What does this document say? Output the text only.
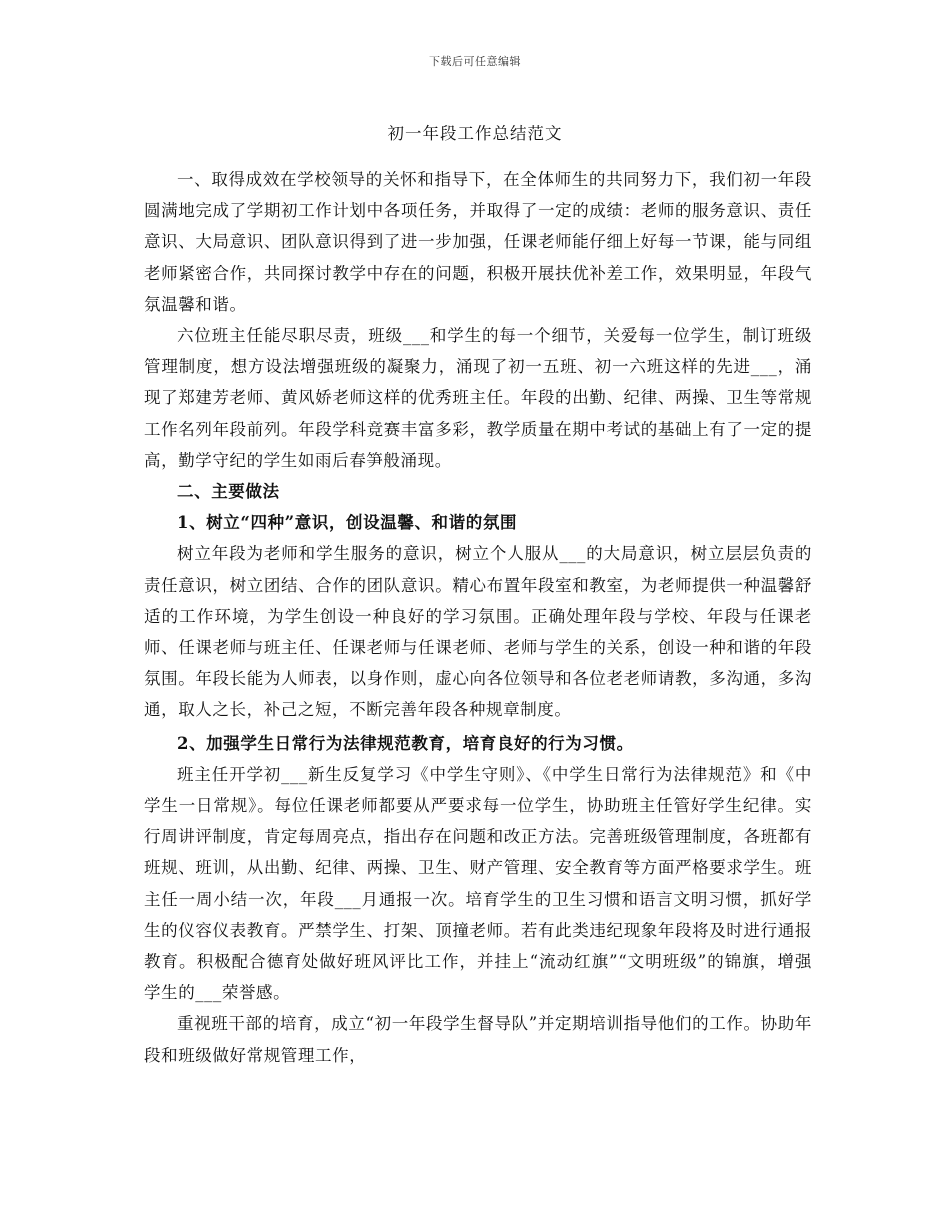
下载后可任意编辑
初一年段工作总结范文

一、取得成效在学校领导的关怀和指导下，在全体师生的共同努力下，我们初一年段圆满地完成了学期初工作计划中各项任务，并取得了一定的成绩：老师的服务意识、责任意识、大局意识、团队意识得到了进一步加强，任课老师能仔细上好每一节课，能与同组老师紧密合作，共同探讨教学中存在的问题，积极开展扶优补差工作，效果明显，年段气氛温馨和谐。

六位班主任能尽职尽责，班级___和学生的每一个细节，关爱每一位学生，制订班级管理制度，想方设法增强班级的凝聚力，涌现了初一五班、初一六班这样的先进___，涌现了郑建芳老师、黄风娇老师这样的优秀班主任。年段的出勤、纪律、两操、卫生等常规工作名列年段前列。年段学科竞赛丰富多彩，教学质量在期中考试的基础上有了一定的提高，勤学守纪的学生如雨后春笋般涌现。

二、主要做法

1、树立“四种”意识，创设温馨、和谐的氛围

树立年段为老师和学生服务的意识，树立个人服从___的大局意识，树立层层负责的责任意识，树立团结、合作的团队意识。精心布置年段室和教室，为老师提供一种温馨舒适的工作环境，为学生创设一种良好的学习氛围。正确处理年段与学校、年段与任课老师、任课老师与班主任、任课老师与任课老师、老师与学生的关系，创设一种和谐的年段氛围。年段长能为人师表，以身作则，虚心向各位领导和各位老老师请教，多沟通，多沟通，取人之长，补己之短，不断完善年段各种规章制度。

2、加强学生日常行为法律规范教育，培育良好的行为习惯。

班主任开学初___新生反复学习《中学生守则》、《中学生日常行为法律规范》和《中学生一日常规》。每位任课老师都要从严要求每一位学生，协助班主任管好学生纪律。实行周讲评制度，肯定每周亮点，指出存在问题和改正方法。完善班级管理制度，各班都有班规、班训，从出勤、纪律、两操、卫生、财产管理、安全教育等方面严格要求学生。班主任一周小结一次，年段___月通报一次。培育学生的卫生习惯和语言文明习惯，抓好学生的仪容仪表教育。严禁学生、打架、顶撞老师。若有此类违纪现象年段将及时进行通报教育。积极配合德育处做好班风评比工作，并挂上“流动红旗”“文明班级”的锦旗，增强学生的___荣誉感。

重视班干部的培育，成立“初一年段学生督导队”并定期培训指导他们的工作。协助年段和班级做好常规管理工作，
